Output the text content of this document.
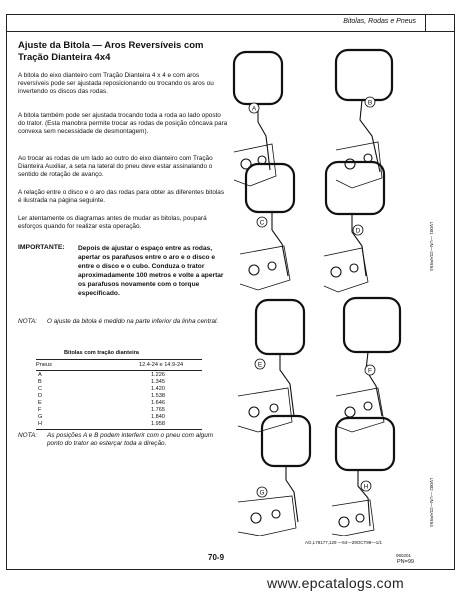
Bitolas, Rodas e Pneus
Ajuste da Bitola — Aros Reversíveis com Tração Dianteira 4x4
A bitola do eixo dianteiro com Tração Dianteira 4 x 4 e com aros reversíveis pode ser ajustada reposicionando ou trocando os aros ou invertendo os discos das rodas.
A bitola também pode ser ajustada trocando toda a roda ao lado oposto do trator. (Esta manobra permite trocar as rodas de posição côncava para convexa sem necessidade de desmontagem).
Ao trocar as rodas de um lado ao outro do eixo dianteiro com Tração Dianteira Auxiliar, a seta na lateral do pneu deve estar assinalando o sentido de rotação de avanço.
A relação entre o disco e o aro das rodas para obter as diferentes bitolas é ilustrada na página seguinte.
Ler atentamente os diagramas antes de mudar as bitolas, poupará esforços quando for realizar esta operação.
IMPORTANTE: Depois de ajustar o espaço entre as rodas, apertar os parafusos entre o aro e o disco e entre o disco e o cubo. Conduza o trator aproximadamente 100 metros e volte a apertar os parafusos novamente com o torque especificado.
NOTA: O ajuste da bitola é medido na parte inferior da linha central.
Bitolas com tração dianteira
Pneus	12.4-24 e 14.9-24
A	1.226
B	1.345
C	1.420
D	1.538
E	1.646
F	1.765
G	1.840
H	1.958
NOTA: As posições A e B podem interferir com o pneu com algum ponto do trator ao esterçar toda a direção.
A
B
C
D
E
F
G
H
LV001 —UN—22APR94
LV002 —UN—22APR94
AG,L79177,129 —54—29OCT99—1/1
70-9	060201
PN=99
www.epcatalogs.com
